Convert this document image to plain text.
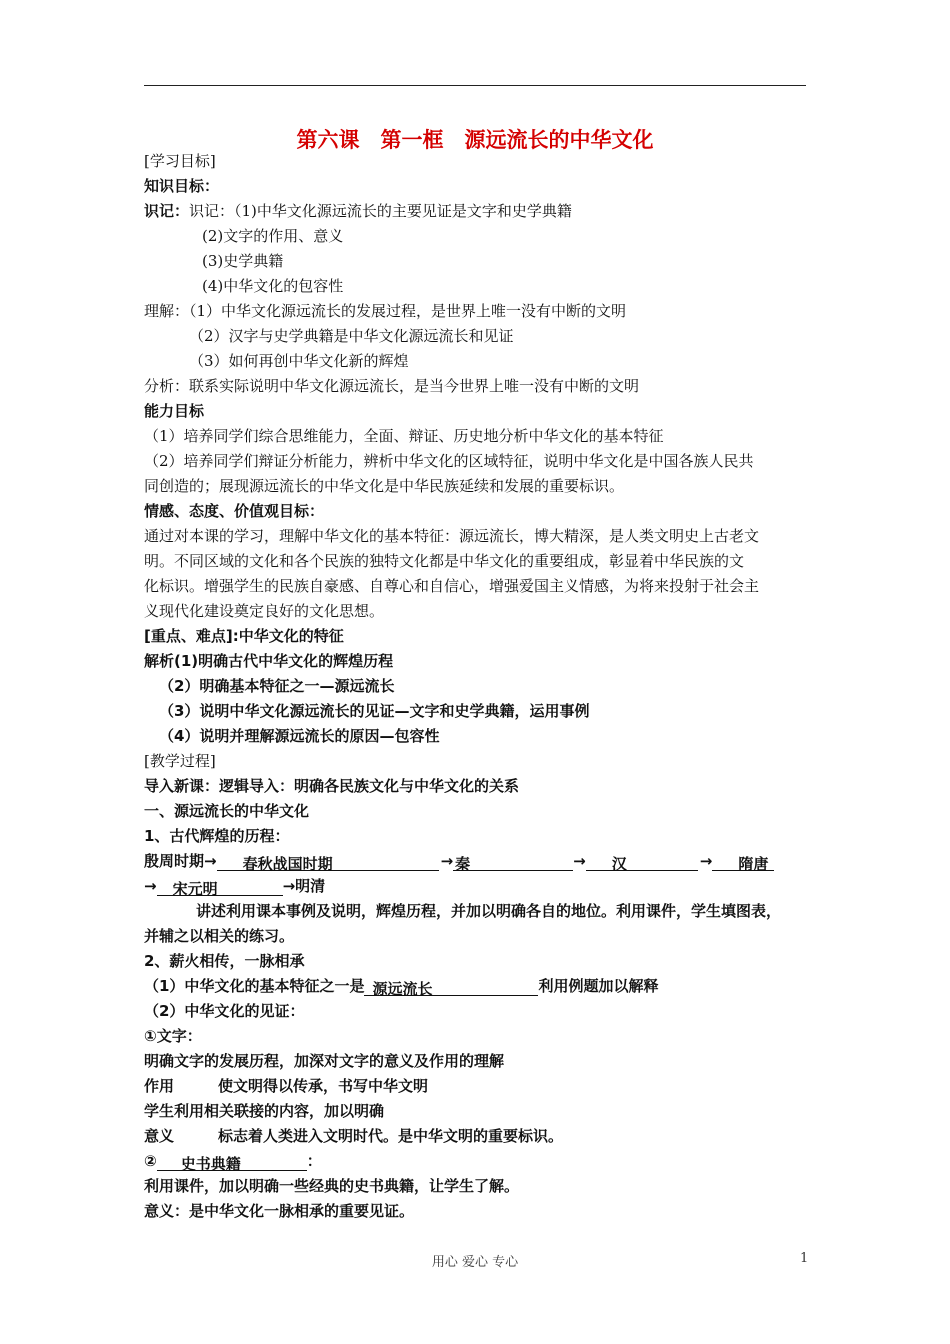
第六课　第一框　源远流长的中华文化
[学习目标]
知识目标：
识记：识记：（1)中华文化源远流长的主要见证是文字和史学典籍
(2)文字的作用、意义
(3)史学典籍
(4)中华文化的包容性
理解：（1）中华文化源远流长的发展过程，是世界上唯一没有中断的文明
（2）汉字与史学典籍是中华文化源远流长和见证
（3）如何再创中华文化新的辉煌
分析：联系实际说明中华文化源远流长，是当今世界上唯一没有中断的文明
能力目标
（1）培养同学们综合思维能力，全面、辩证、历史地分析中华文化的基本特征
（2）培养同学们辩证分析能力，辨析中华文化的区域特征，说明中华文化是中国各族人民共
同创造的；展现源远流长的中华文化是中华民族延续和发展的重要标识。
情感、态度、价值观目标：
通过对本课的学习，理解中华文化的基本特征：源远流长，博大精深，是人类文明史上古老文
明。不同区域的文化和各个民族的独特文化都是中华文化的重要组成，彰显着中华民族的文
化标识。增强学生的民族自豪感、自尊心和自信心，增强爱国主义情感，为将来投射于社会主
义现代化建设奠定良好的文化思想。
[重点、难点]:中华文化的特征
解析(1)明确古代中华文化的辉煌历程
（2）明确基本特征之一—源远流长
（3）说明中华文化源远流长的见证—文字和史学典籍，运用事例
（4）说明并理解源远流长的原因—包容性
[教学过程]
导入新课：逻辑导入：明确各民族文化与中华文化的关系
一、源远流长的中华文化
1、古代辉煌的历程：
殷周时期→ 春秋战国时期	→ 秦	→ 汉	→ 隋唐
→ 宋元明	→明清
讲述利用课本事例及说明，辉煌历程，并加以明确各自的地位。利用课件，学生填图表，
并辅之以相关的练习。
2、薪火相传，一脉相承
（1）中华文化的基本特征之一是 源远流长	利用例题加以解释
（2）中华文化的见证：
①文字：
明确文字的发展历程，加深对文字的意义及作用的理解
作用	使文明得以传承，书写中华文明
学生利用相关联接的内容，加以明确
意义	标志着人类进入文明时代。是中华文明的重要标识。
② 史书典籍	：
利用课件，加以明确一些经典的史书典籍，让学生了解。
意义：是中华文化一脉相承的重要见证。
用心 爱心 专心	1
